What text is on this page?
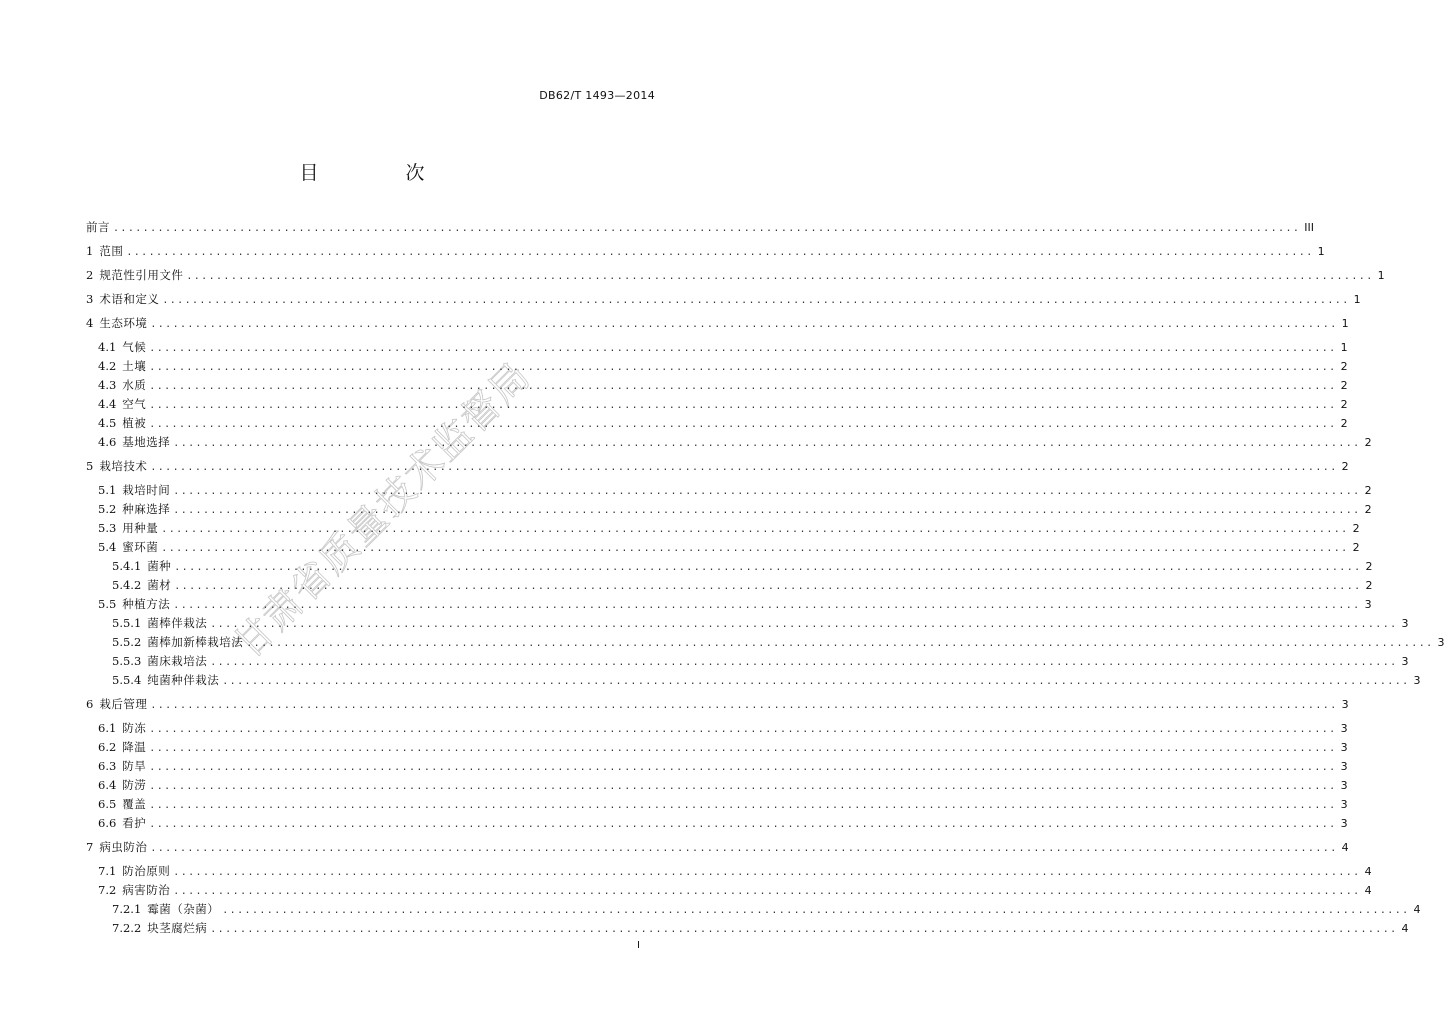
DB62/T 1493—2014
目　次
甘肃省质量技术监督局
前言 ................................................................................................................................................................ III
1 范围 ................................................................................................................................................................ 1
2 规范性引用文件 ................................................................................................................................................................ 1
3 术语和定义 ................................................................................................................................................................ 1
4 生态环境 ................................................................................................................................................................ 1
4.1 气候 ................................................................................................................................................................ 1
4.2 土壤 ................................................................................................................................................................ 2
4.3 水质 ................................................................................................................................................................ 2
4.4 空气 ................................................................................................................................................................ 2
4.5 植被 ................................................................................................................................................................ 2
4.6 基地选择 ................................................................................................................................................................ 2
5 栽培技术 ................................................................................................................................................................ 2
5.1 栽培时间 ................................................................................................................................................................ 2
5.2 种麻选择 ................................................................................................................................................................ 2
5.3 用种量 ................................................................................................................................................................ 2
5.4 蜜环菌 ................................................................................................................................................................ 2
5.4.1 菌种 ................................................................................................................................................................ 2
5.4.2 菌材 ................................................................................................................................................................ 2
5.5 种植方法 ................................................................................................................................................................ 3
5.5.1 菌棒伴栽法 ................................................................................................................................................................ 3
5.5.2 菌棒加新棒栽培法 ................................................................................................................................................................ 3
5.5.3 菌床栽培法 ................................................................................................................................................................ 3
5.5.4 纯菌种伴栽法 ................................................................................................................................................................ 3
6 栽后管理 ................................................................................................................................................................ 3
6.1 防冻 ................................................................................................................................................................ 3
6.2 降温 ................................................................................................................................................................ 3
6.3 防旱 ................................................................................................................................................................ 3
6.4 防涝 ................................................................................................................................................................ 3
6.5 覆盖 ................................................................................................................................................................ 3
6.6 看护 ................................................................................................................................................................ 3
7 病虫防治 ................................................................................................................................................................ 4
7.1 防治原则 ................................................................................................................................................................ 4
7.2 病害防治 ................................................................................................................................................................ 4
7.2.1 霉菌（杂菌） ................................................................................................................................................................ 4
7.2.2 块茎腐烂病 ................................................................................................................................................................ 4
I
